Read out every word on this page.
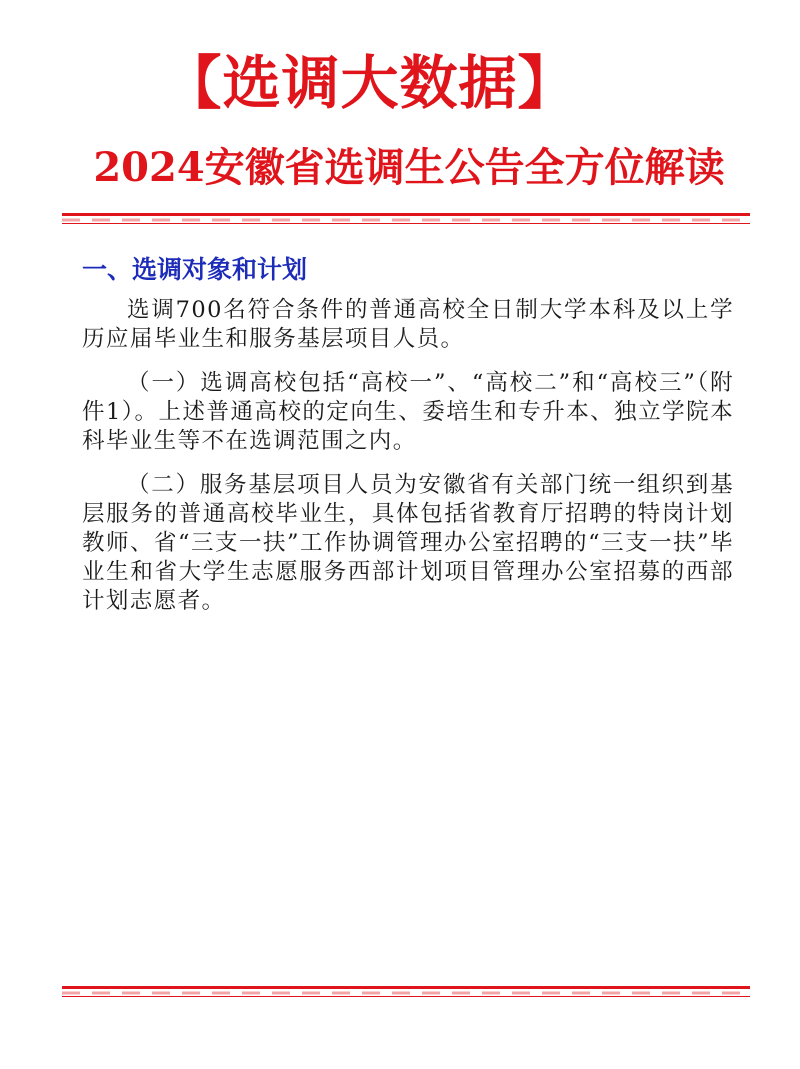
【选调大数据】
2024安徽省选调生公告全方位解读
一、选调对象和计划

选调700名符合条件的普通高校全日制大学本科及以上学历应届毕业生和服务基层项目人员。

（一）选调高校包括“高校一”、“高校二”和“高校三”（附件1）。上述普通高校的定向生、委培生和专升本、独立学院本科毕业生等不在选调范围之内。

（二）服务基层项目人员为安徽省有关部门统一组织到基层服务的普通高校毕业生，具体包括省教育厅招聘的特岗计划教师、省“三支一扶”工作协调管理办公室招聘的“三支一扶”毕业生和省大学生志愿服务西部计划项目管理办公室招募的西部计划志愿者。
